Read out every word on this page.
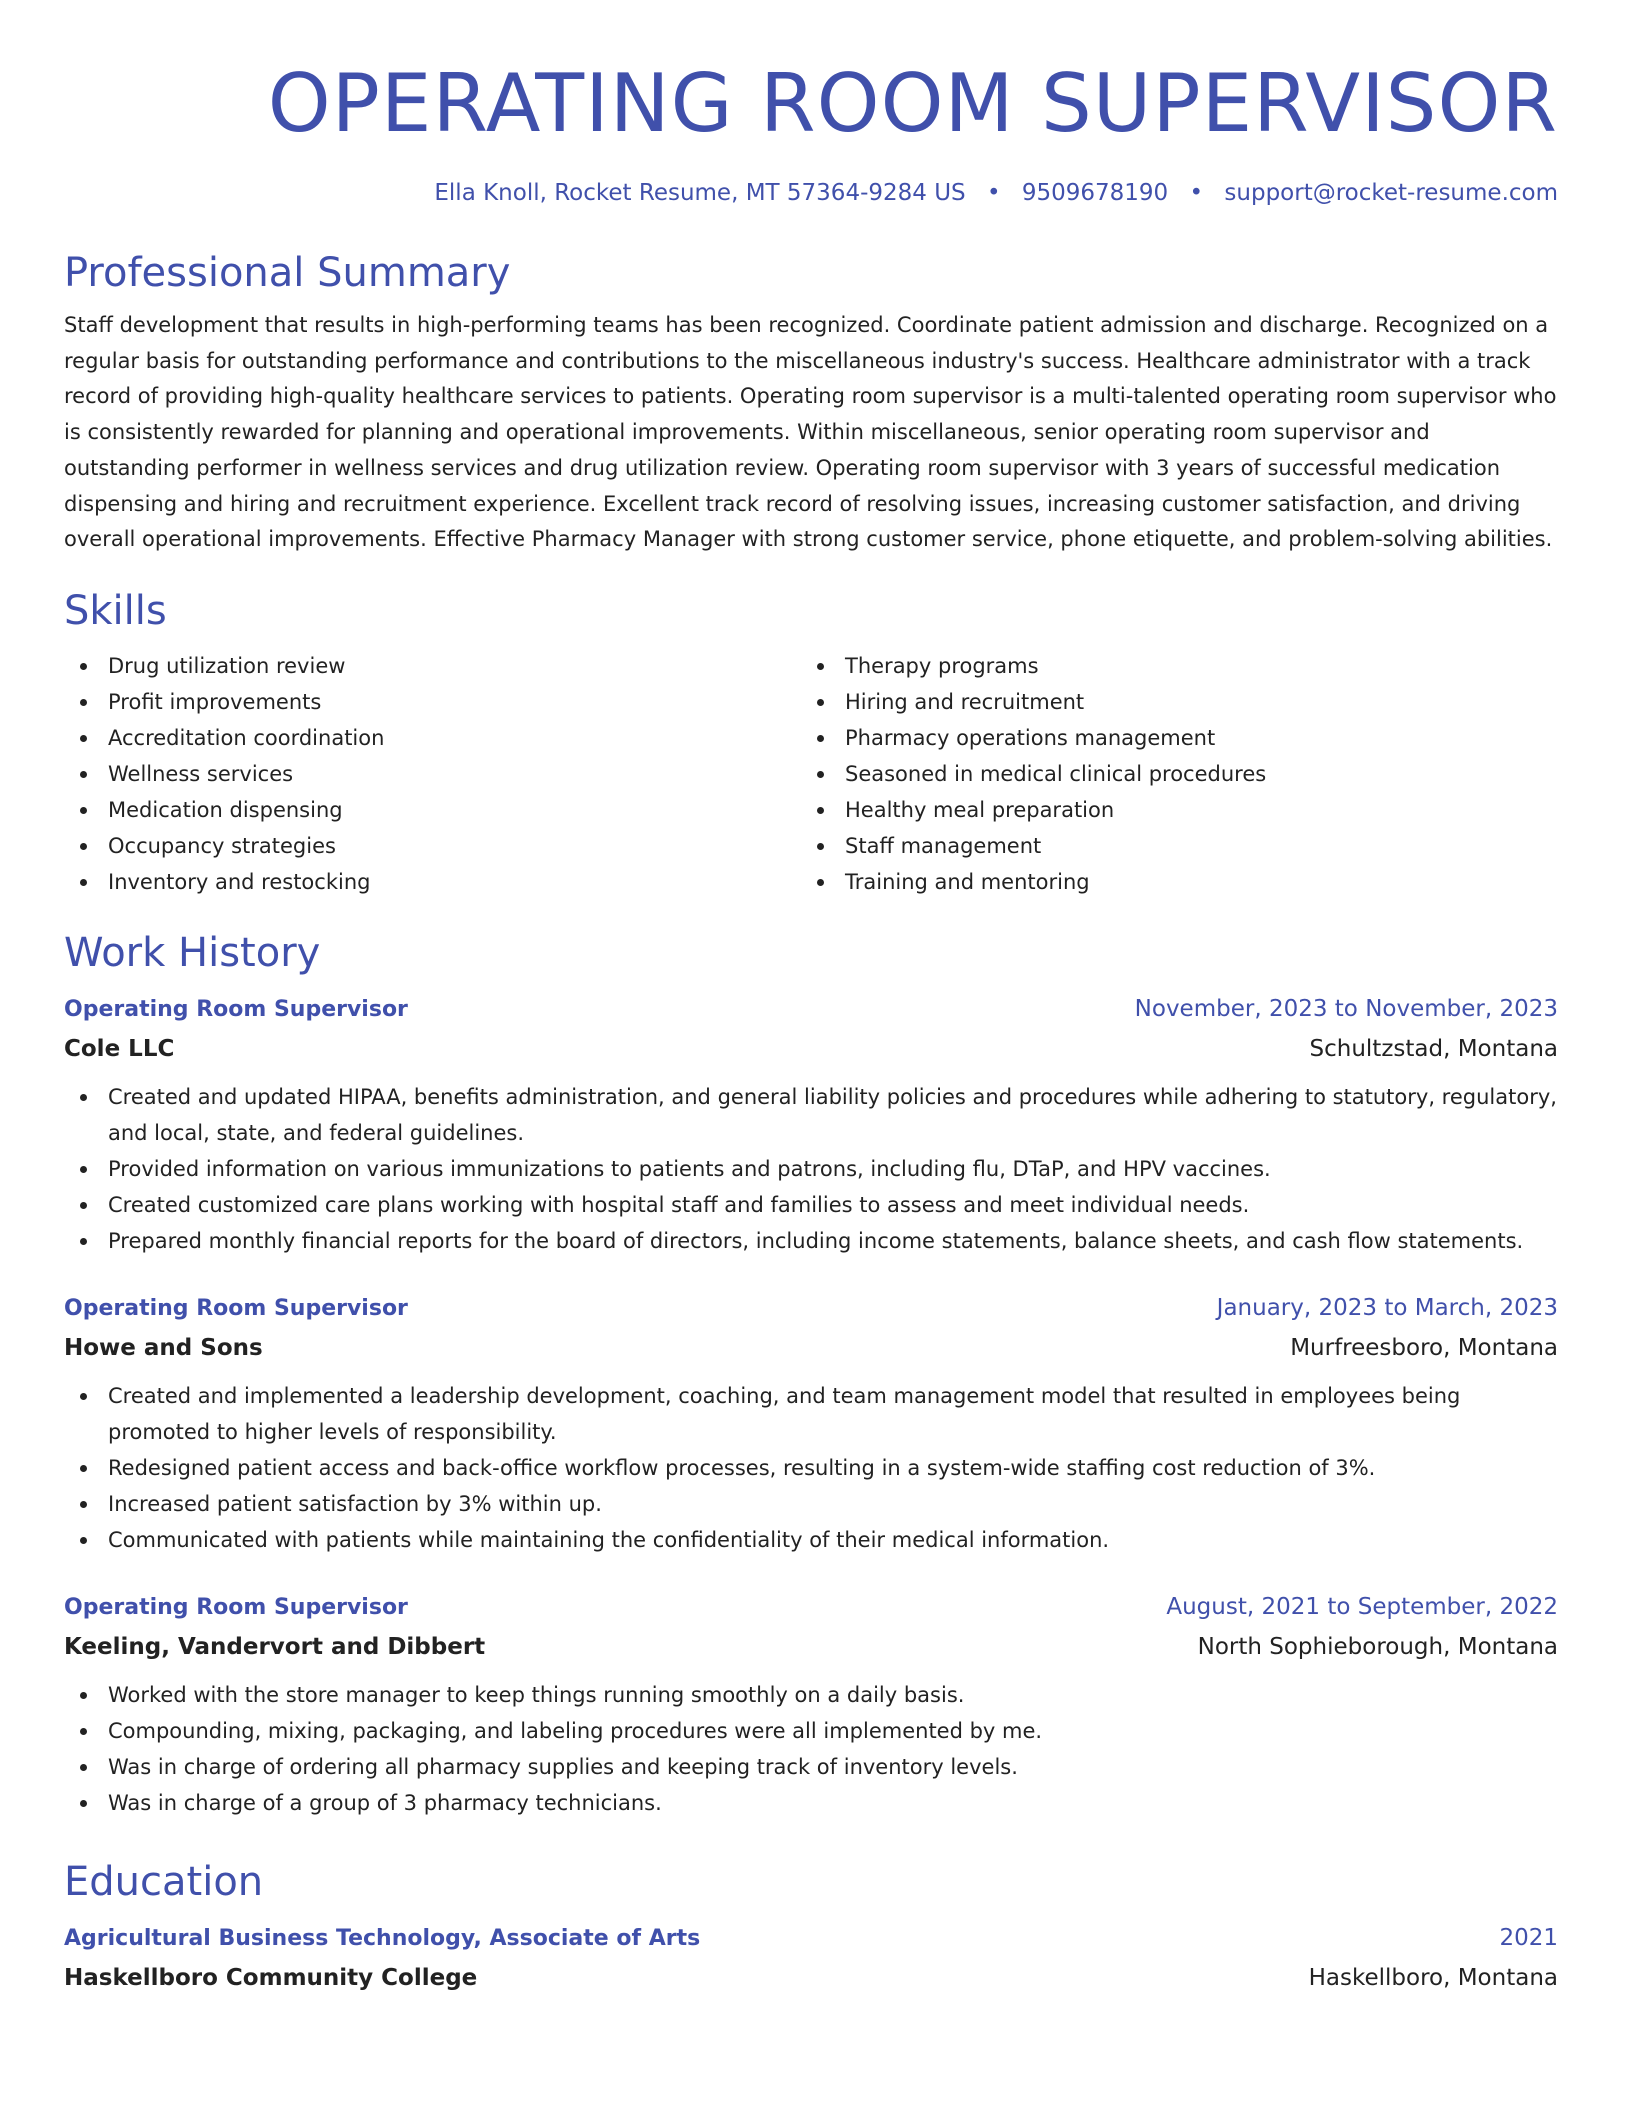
OPERATING ROOM SUPERVISOR
Ella Knoll, Rocket Resume, MT 57364-9284 US • 9509678190 • support@rocket-resume.com
Professional Summary

Staff development that results in high-performing teams has been recognized. Coordinate patient admission and discharge. Recognized on a regular basis for outstanding performance and contributions to the miscellaneous industry's success. Healthcare administrator with a track record of providing high-quality healthcare services to patients. Operating room supervisor is a multi-talented operating room supervisor who is consistently rewarded for planning and operational improvements. Within miscellaneous, senior operating room supervisor and outstanding performer in wellness services and drug utilization review. Operating room supervisor with 3 years of successful medication dispensing and hiring and recruitment experience. Excellent track record of resolving issues, increasing customer satisfaction, and driving overall operational improvements. Effective Pharmacy Manager with strong customer service, phone etiquette, and problem-solving abilities.

Skills
Drug utilization review
Profit improvements
Accreditation coordination
Wellness services
Medication dispensing
Occupancy strategies
Inventory and restocking
Therapy programs
Hiring and recruitment
Pharmacy operations management
Seasoned in medical clinical procedures
Healthy meal preparation
Staff management
Training and mentoring
Work History
Operating Room Supervisor	November, 2023 to November, 2023
Cole LLC	Schultzstad, Montana
Created and updated HIPAA, benefits administration, and general liability policies and procedures while adhering to statutory, regulatory, and local, state, and federal guidelines.
Provided information on various immunizations to patients and patrons, including flu, DTaP, and HPV vaccines.
Created customized care plans working with hospital staff and families to assess and meet individual needs.
Prepared monthly financial reports for the board of directors, including income statements, balance sheets, and cash flow statements.
Operating Room Supervisor	January, 2023 to March, 2023
Howe and Sons	Murfreesboro, Montana
Created and implemented a leadership development, coaching, and team management model that resulted in employees being promoted to higher levels of responsibility.
Redesigned patient access and back-office workflow processes, resulting in a system-wide staffing cost reduction of 3%.
Increased patient satisfaction by 3% within up.
Communicated with patients while maintaining the confidentiality of their medical information.
Operating Room Supervisor	August, 2021 to September, 2022
Keeling, Vandervort and Dibbert	North Sophieborough, Montana
Worked with the store manager to keep things running smoothly on a daily basis.
Compounding, mixing, packaging, and labeling procedures were all implemented by me.
Was in charge of ordering all pharmacy supplies and keeping track of inventory levels.
Was in charge of a group of 3 pharmacy technicians.
Education
Agricultural Business Technology, Associate of Arts	2021
Haskellboro Community College	Haskellboro, Montana
